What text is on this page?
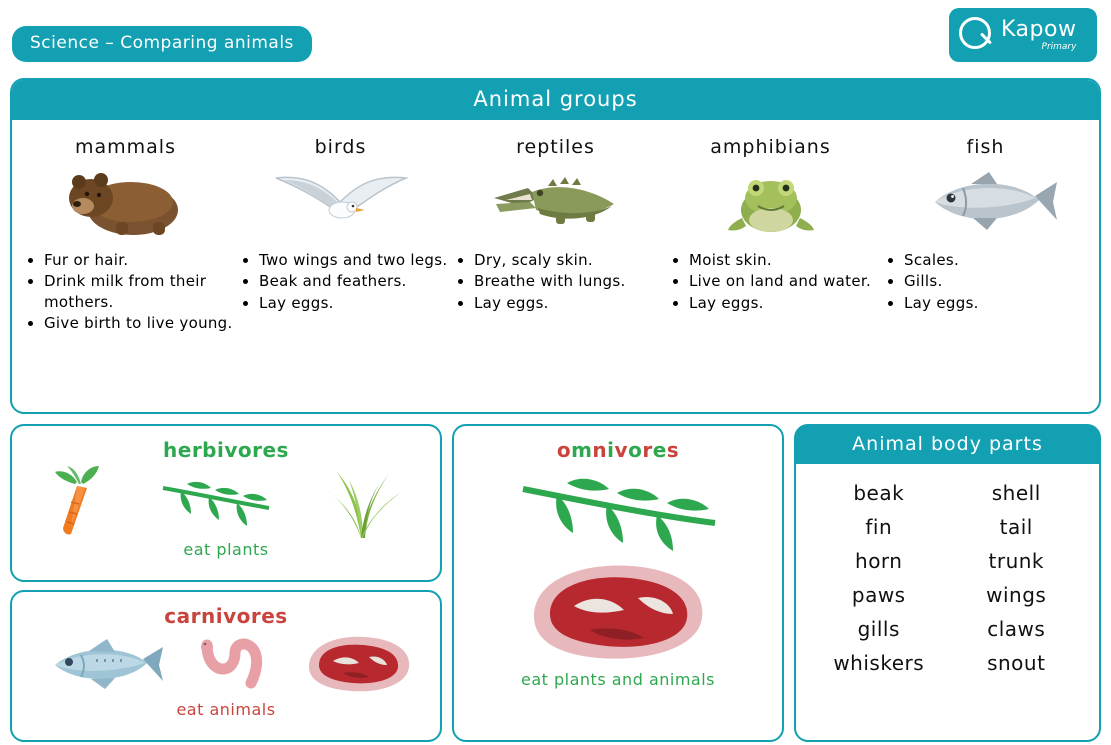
Science – Comparing animals
Kapow
Primary
Animal groups
mammals
• Fur or hair.
• Drink milk from their mothers.
• Give birth to live young.
birds
• Two wings and two legs.
• Beak and feathers.
• Lay eggs.
reptiles
• Dry, scaly skin.
• Breathe with lungs.
• Lay eggs.
amphibians
• Moist skin.
• Live on land and water.
• Lay eggs.
fish
• Scales.
• Gills.
• Lay eggs.
herbivores
eat plants
carnivores
eat animals
omnivores
eat plants and animals
Animal body parts
beak	shell
fin	tail
horn	trunk
paws	wings
gills	claws
whiskers	snout
